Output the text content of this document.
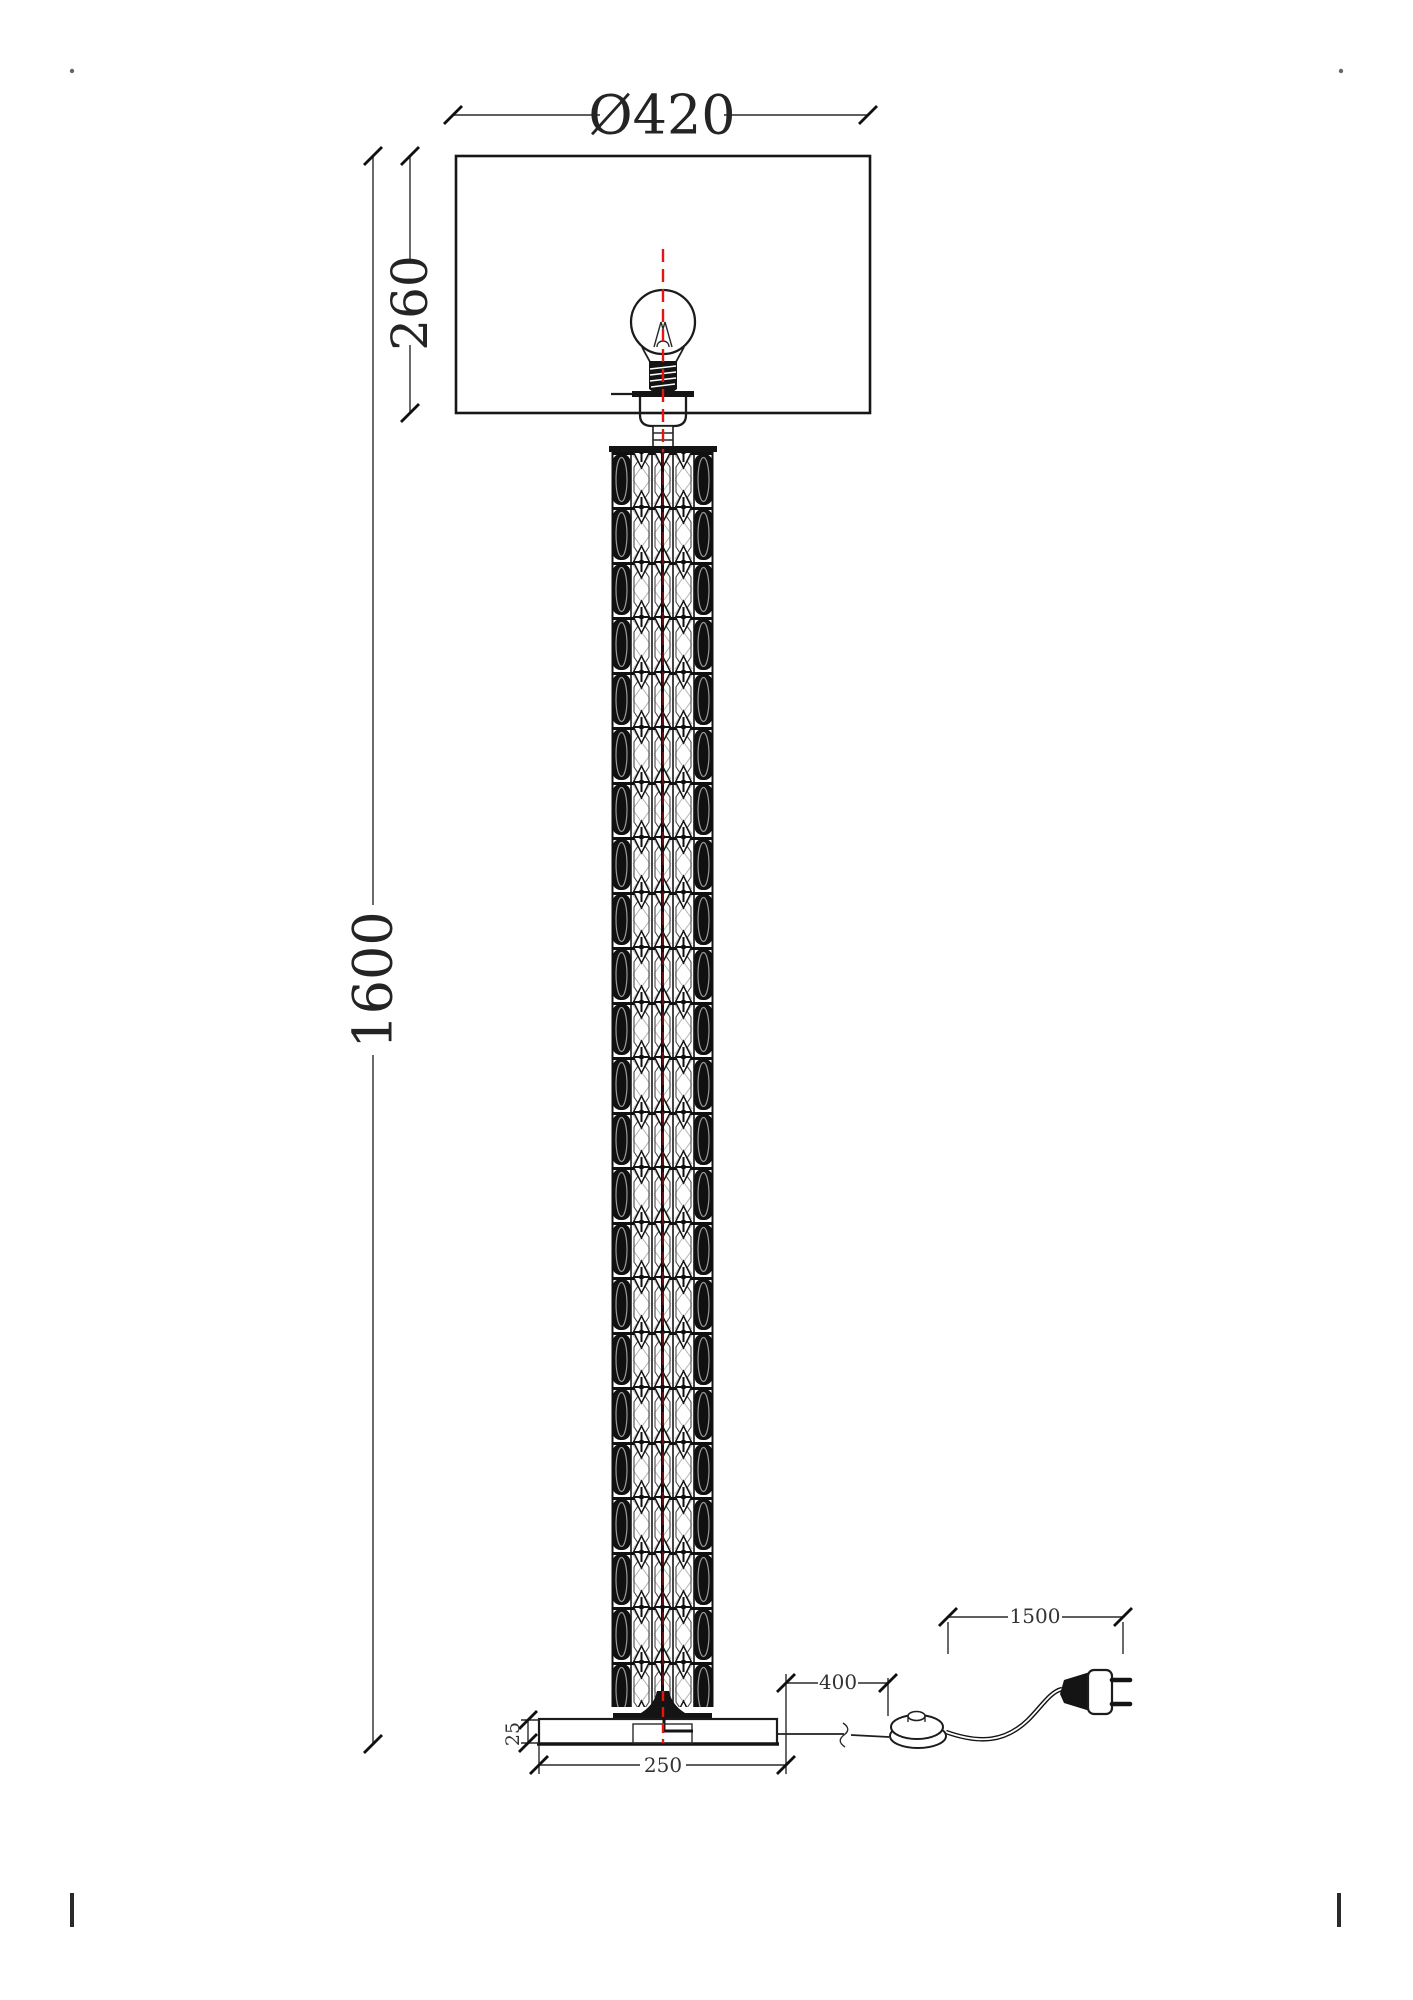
Ø420
260
1600
250
25
400
1500
